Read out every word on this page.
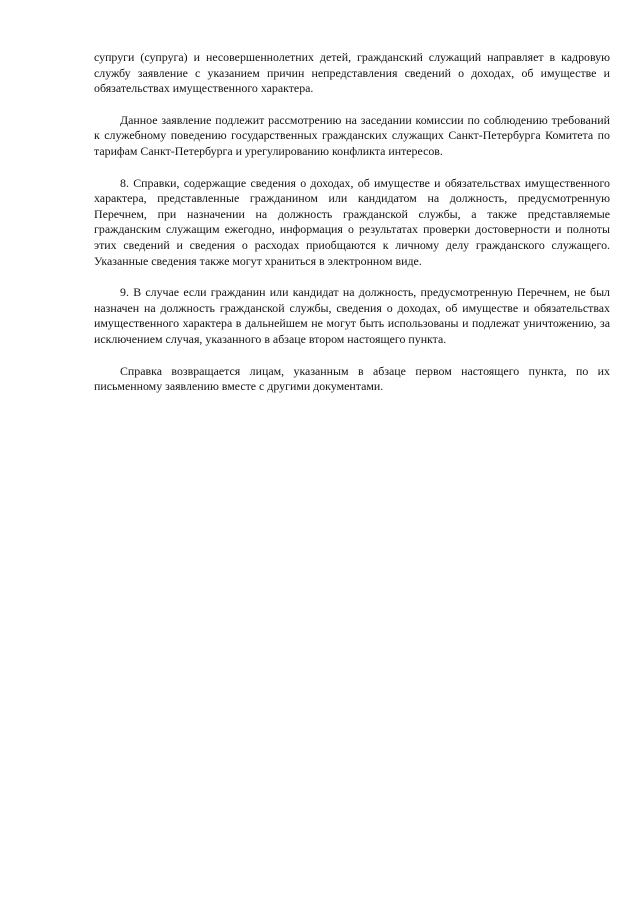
супруги (супруга) и несовершеннолетних детей, гражданский служащий направляет в кадровую службу заявление с указанием причин непредставления сведений о доходах, об имуществе и обязательствах имущественного характера.

Данное заявление подлежит рассмотрению на заседании комиссии по соблюдению требований к служебному поведению государственных гражданских служащих Санкт-Петербурга Комитета по тарифам Санкт-Петербурга и урегулированию конфликта интересов.

8. Справки, содержащие сведения о доходах, об имуществе и обязательствах имущественного характера, представленные гражданином или кандидатом на должность, предусмотренную Перечнем, при назначении на должность гражданской службы, а также представляемые гражданским служащим ежегодно, информация о результатах проверки достоверности и полноты этих сведений и сведения о расходах приобщаются к личному делу гражданского служащего. Указанные сведения также могут храниться в электронном виде.

9. В случае если гражданин или кандидат на должность, предусмотренную Перечнем, не был назначен на должность гражданской службы, сведения о доходах, об имуществе и обязательствах имущественного характера в дальнейшем не могут быть использованы и подлежат уничтожению, за исключением случая, указанного в абзаце втором настоящего пункта.

Справка возвращается лицам, указанным в абзаце первом настоящего пункта, по их письменному заявлению вместе с другими документами.
